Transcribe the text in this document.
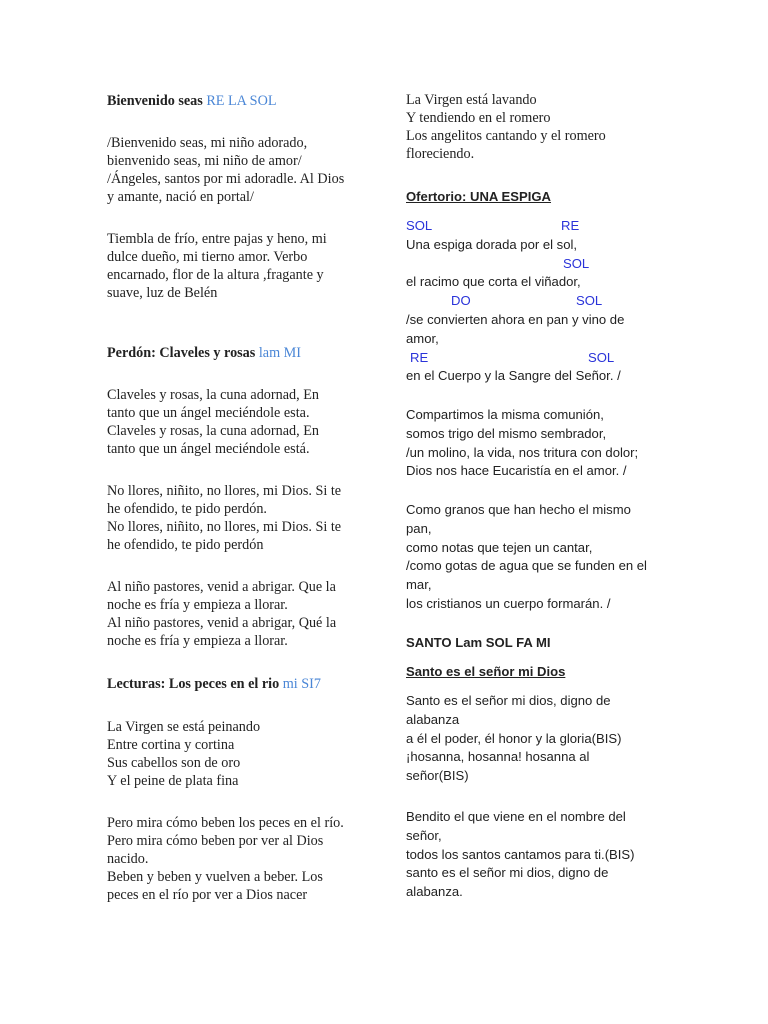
Bienvenido seas RE LA SOL
/Bienvenido seas, mi niño adorado,
bienvenido seas, mi niño de amor/
/Ángeles, santos por mi adoradle. Al Dios
y amante, nació en portal/
Tiembla de frío, entre pajas y heno, mi
dulce dueño, mi tierno amor. Verbo
encarnado, flor de la altura ,fragante y
suave, luz de Belén
Perdón: Claveles y rosas lam MI
Claveles y rosas, la cuna adornad, En
tanto que un ángel meciéndole esta.
Claveles y rosas, la cuna adornad, En
tanto que un ángel meciéndole está.
No llores, niñito, no llores, mi Dios. Si te
he ofendido, te pido perdón.
No llores, niñito, no llores, mi Dios. Si te
he ofendido, te pido perdón
Al niño pastores, venid a abrigar. Que la
noche es fría y empieza a llorar.
Al niño pastores, venid a abrigar, Qué la
noche es fría y empieza a llorar.
Lecturas: Los peces en el rio mi SI7
La Virgen se está peinando
Entre cortina y cortina
Sus cabellos son de oro
Y el peine de plata fina
Pero mira cómo beben los peces en el río.
Pero mira cómo beben por ver al Dios
nacido.
Beben y beben y vuelven a beber. Los
peces en el río por ver a Dios nacer
La Virgen está lavando
Y tendiendo en el romero
Los angelitos cantando y el romero
floreciendo.
Ofertorio: UNA ESPIGA
SOL	RE
Una espiga dorada por el sol,
SOL
el racimo que corta el viñador,
DO	SOL
/se convierten ahora en pan y vino de
amor,
RE	SOL
en el Cuerpo y la Sangre del Señor. /
Compartimos la misma comunión,
somos trigo del mismo sembrador,
/un molino, la vida, nos tritura con dolor;
Dios nos hace Eucaristía en el amor. /
Como granos que han hecho el mismo
pan,
como notas que tejen un cantar,
/como gotas de agua que se funden en el
mar,
los cristianos un cuerpo formarán. /
SANTO Lam SOL FA MI
Santo es el señor mi Dios
Santo es el señor mi dios, digno de
alabanza
a él el poder, él honor y la gloria(BIS)
¡hosanna, hosanna! hosanna al
señor(BIS)
Bendito el que viene en el nombre del
señor,
todos los santos cantamos para ti.(BIS)
santo es el señor mi dios, digno de
alabanza.
